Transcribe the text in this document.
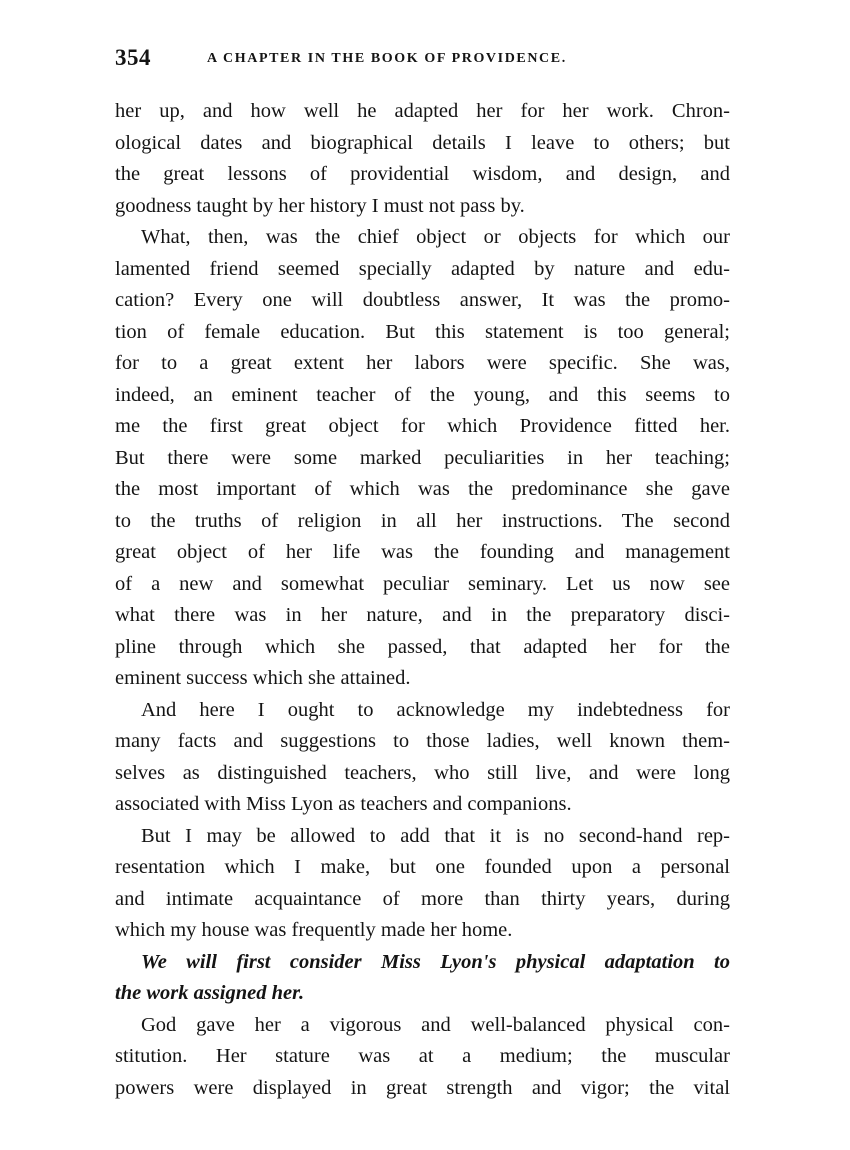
354	A CHAPTER IN THE BOOK OF PROVIDENCE.
her up, and how well he adapted her for her work. Chron-
ological dates and biographical details I leave to others; but
the great lessons of providential wisdom, and design, and
goodness taught by her history I must not pass by.
What, then, was the chief object or objects for which our
lamented friend seemed specially adapted by nature and edu-
cation? Every one will doubtless answer, It was the promo-
tion of female education. But this statement is too general;
for to a great extent her labors were specific. She was,
indeed, an eminent teacher of the young, and this seems to
me the first great object for which Providence fitted her.
But there were some marked peculiarities in her teaching;
the most important of which was the predominance she gave
to the truths of religion in all her instructions. The second
great object of her life was the founding and management
of a new and somewhat peculiar seminary. Let us now see
what there was in her nature, and in the preparatory disci-
pline through which she passed, that adapted her for the
eminent success which she attained.
And here I ought to acknowledge my indebtedness for
many facts and suggestions to those ladies, well known them-
selves as distinguished teachers, who still live, and were long
associated with Miss Lyon as teachers and companions.
But I may be allowed to add that it is no second-hand rep-
resentation which I make, but one founded upon a personal
and intimate acquaintance of more than thirty years, during
which my house was frequently made her home.
We will first consider Miss Lyon's physical adaptation to
the work assigned her.
God gave her a vigorous and well-balanced physical con-
stitution. Her stature was at a medium; the muscular
powers were displayed in great strength and vigor; the vital
